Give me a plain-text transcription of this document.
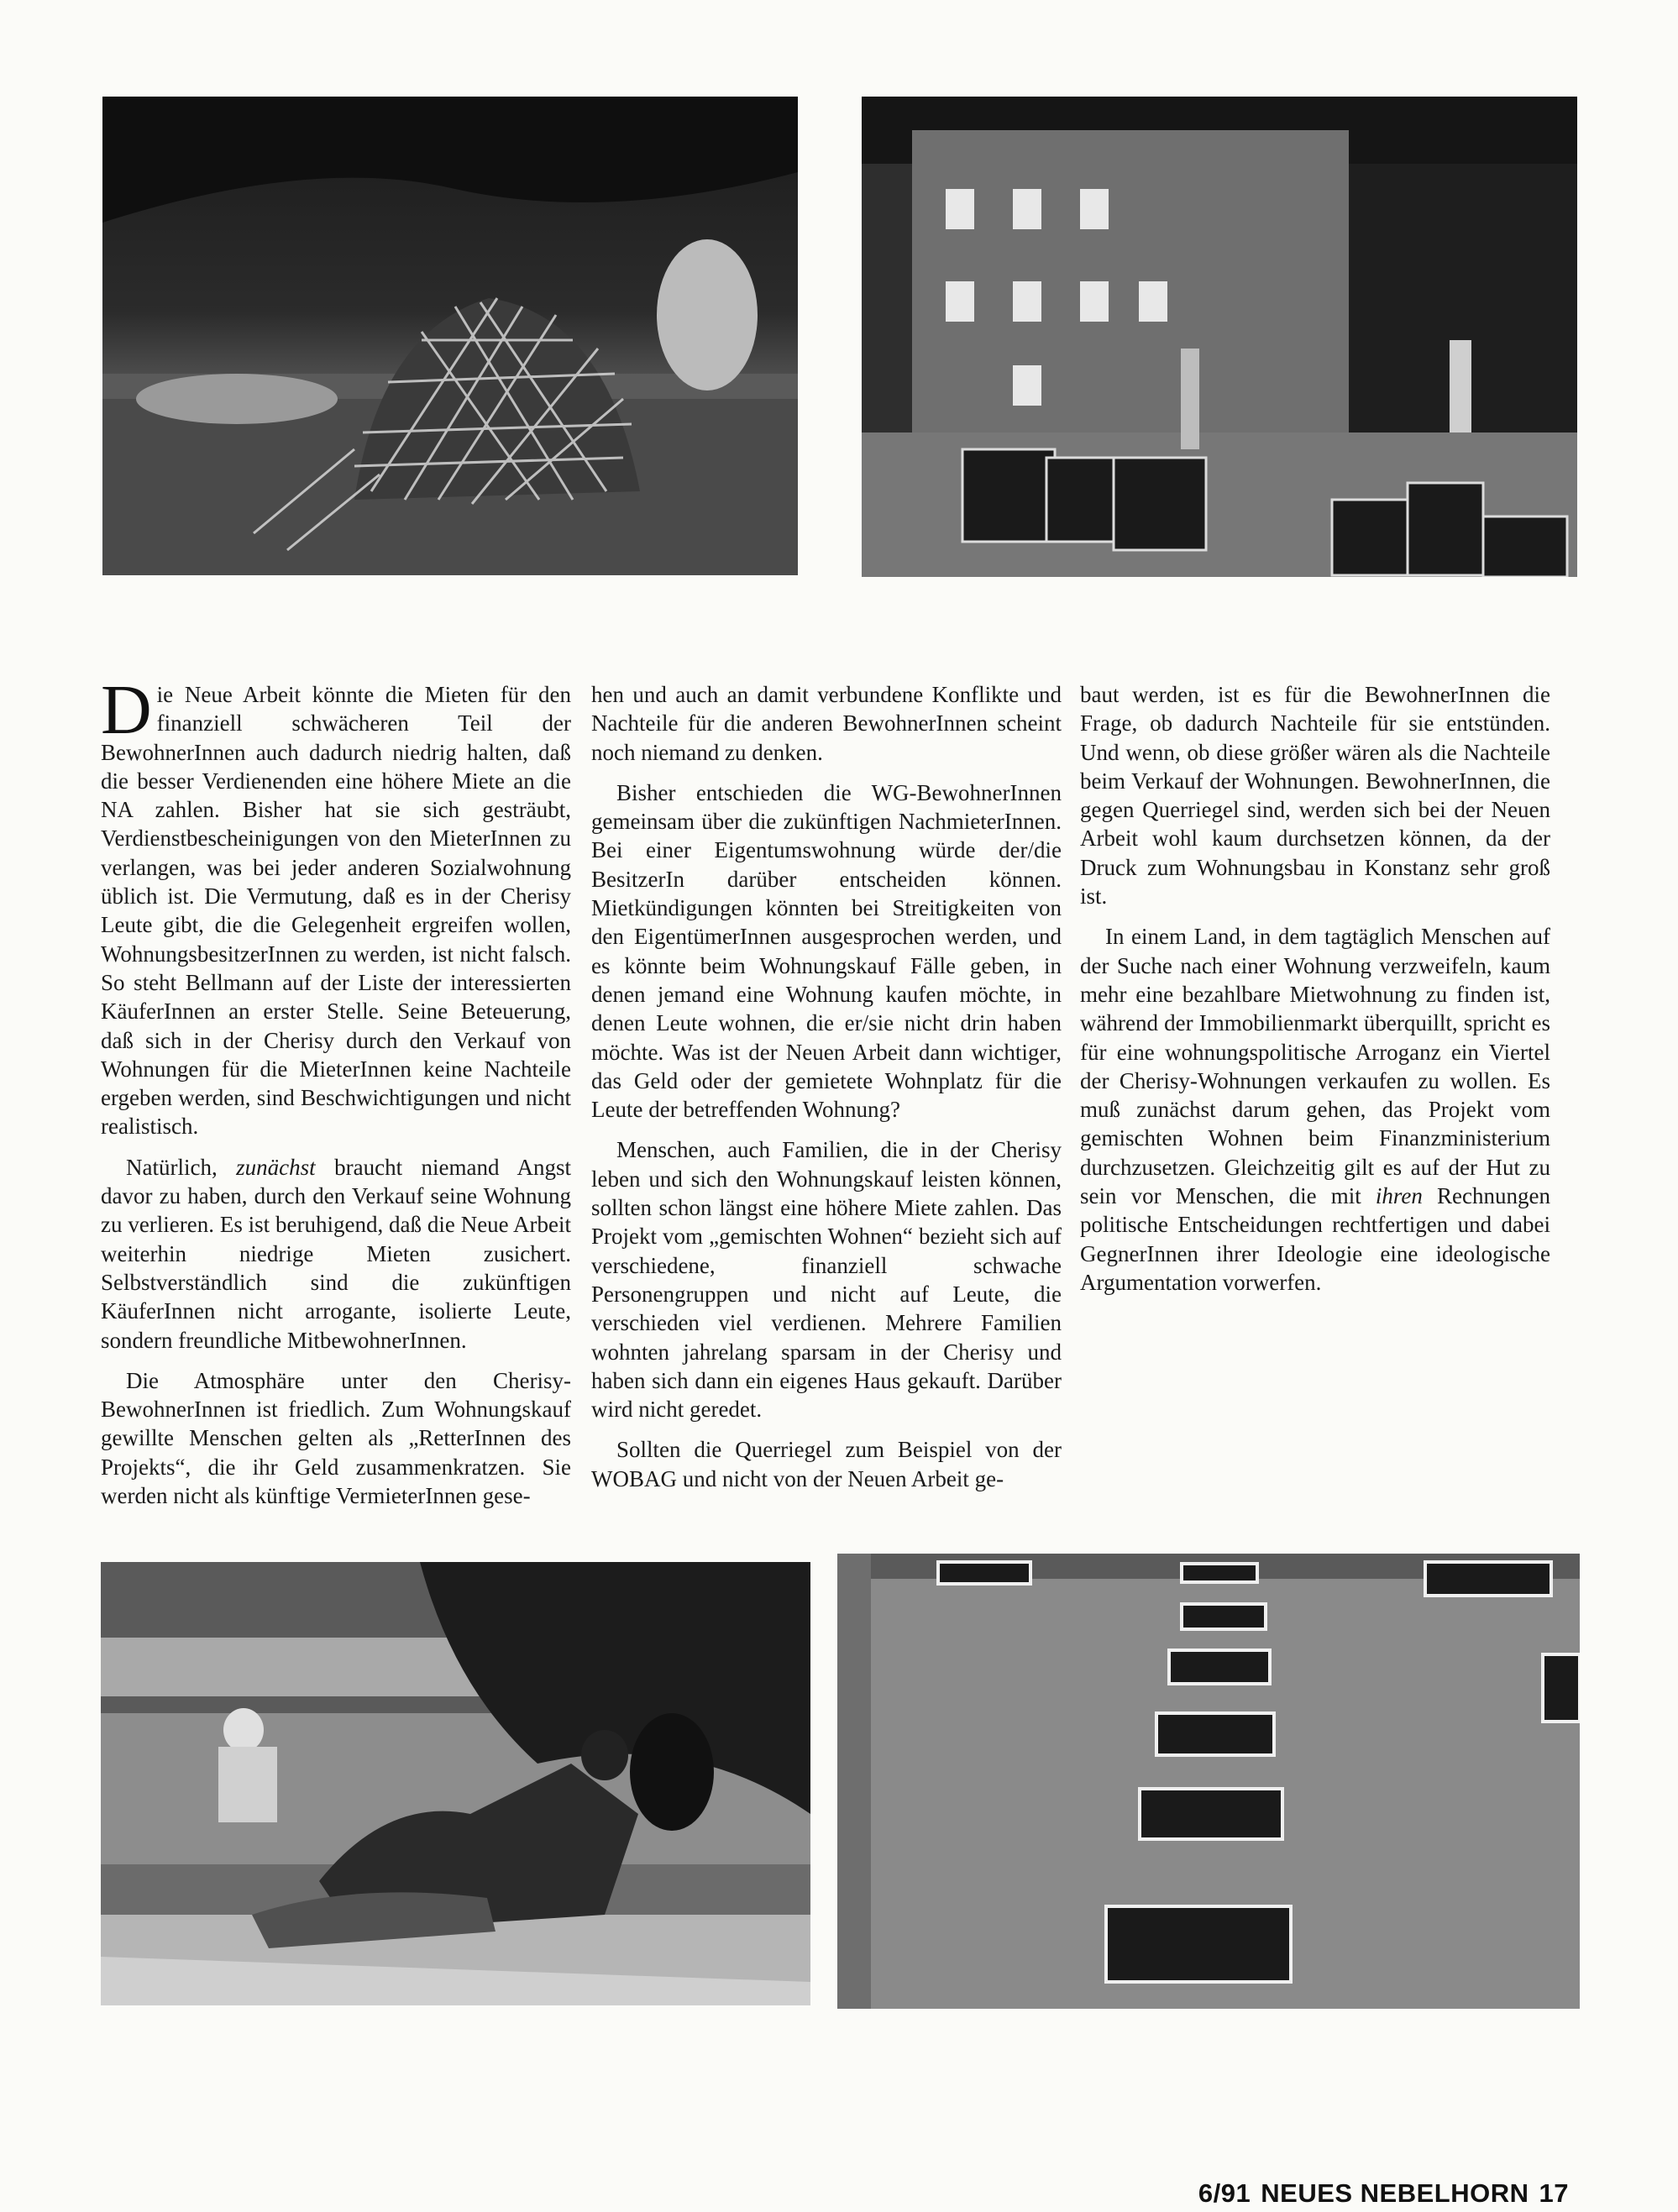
Die Neue Arbeit könnte die Mieten für den finanziell schwächeren Teil der BewohnerInnen auch dadurch niedrig halten, daß die besser Verdienenden eine höhere Miete an die NA zahlen. Bisher hat sie sich gesträubt, Verdienstbescheinigungen von den MieterInnen zu verlangen, was bei jeder anderen Sozialwohnung üblich ist. Die Vermutung, daß es in der Cherisy Leute gibt, die die Gelegenheit ergreifen wollen, WohnungsbesitzerInnen zu werden, ist nicht falsch. So steht Bellmann auf der Liste der interessierten KäuferInnen an erster Stelle. Seine Beteuerung, daß sich in der Cherisy durch den Verkauf von Wohnungen für die MieterInnen keine Nachteile ergeben werden, sind Beschwichtigungen und nicht realistisch.

Natürlich, zunächst braucht niemand Angst davor zu haben, durch den Verkauf seine Wohnung zu verlieren. Es ist beruhigend, daß die Neue Arbeit weiterhin niedrige Mieten zusichert. Selbstverständlich sind die zukünftigen KäuferInnen nicht arrogante, isolierte Leute, sondern freundliche MitbewohnerInnen.

Die Atmosphäre unter den Cherisy-BewohnerInnen ist friedlich. Zum Wohnungskauf gewillte Menschen gelten als „RetterInnen des Projekts“, die ihr Geld zusammenkratzen. Sie werden nicht als künftige VermieterInnen gese-

hen und auch an damit verbundene Konflikte und Nachteile für die anderen BewohnerInnen scheint noch niemand zu denken.

Bisher entschieden die WG-BewohnerInnen gemeinsam über die zukünftigen NachmieterInnen. Bei einer Eigentumswohnung würde der/die BesitzerIn darüber entscheiden können. Mietkündigungen könnten bei Streitigkeiten von den EigentümerInnen ausgesprochen werden, und es könnte beim Wohnungskauf Fälle geben, in denen jemand eine Wohnung kaufen möchte, in denen Leute wohnen, die er/sie nicht drin haben möchte. Was ist der Neuen Arbeit dann wichtiger, das Geld oder der gemietete Wohnplatz für die Leute der betreffenden Wohnung?

Menschen, auch Familien, die in der Cherisy leben und sich den Wohnungskauf leisten können, sollten schon längst eine höhere Miete zahlen. Das Projekt vom „gemischten Wohnen“ bezieht sich auf verschiedene, finanziell schwache Personengruppen und nicht auf Leute, die verschieden viel verdienen. Mehrere Familien wohnten jahrelang sparsam in der Cherisy und haben sich dann ein eigenes Haus gekauft. Darüber wird nicht geredet.

Sollten die Querriegel zum Beispiel von der WOBAG und nicht von der Neuen Arbeit ge-

baut werden, ist es für die BewohnerInnen die Frage, ob dadurch Nachteile für sie entstünden. Und wenn, ob diese größer wären als die Nachteile beim Verkauf der Wohnungen. BewohnerInnen, die gegen Querriegel sind, werden sich bei der Neuen Arbeit wohl kaum durchsetzen können, da der Druck zum Wohnungsbau in Konstanz sehr groß ist.

In einem Land, in dem tagtäglich Menschen auf der Suche nach einer Wohnung verzweifeln, kaum mehr eine bezahlbare Mietwohnung zu finden ist, während der Immobilienmarkt überquillt, spricht es für eine wohnungspolitische Arroganz ein Viertel der Cherisy-Wohnungen verkaufen zu wollen. Es muß zunächst darum gehen, das Projekt vom gemischten Wohnen beim Finanzministerium durchzusetzen. Gleichzeitig gilt es auf der Hut zu sein vor Menschen, die mit ihren Rechnungen politische Entscheidungen rechtfertigen und dabei GegnerInnen ihrer Ideologie eine ideologische Argumentation vorwerfen.

6/91 NEUES NEBELHORN 17
